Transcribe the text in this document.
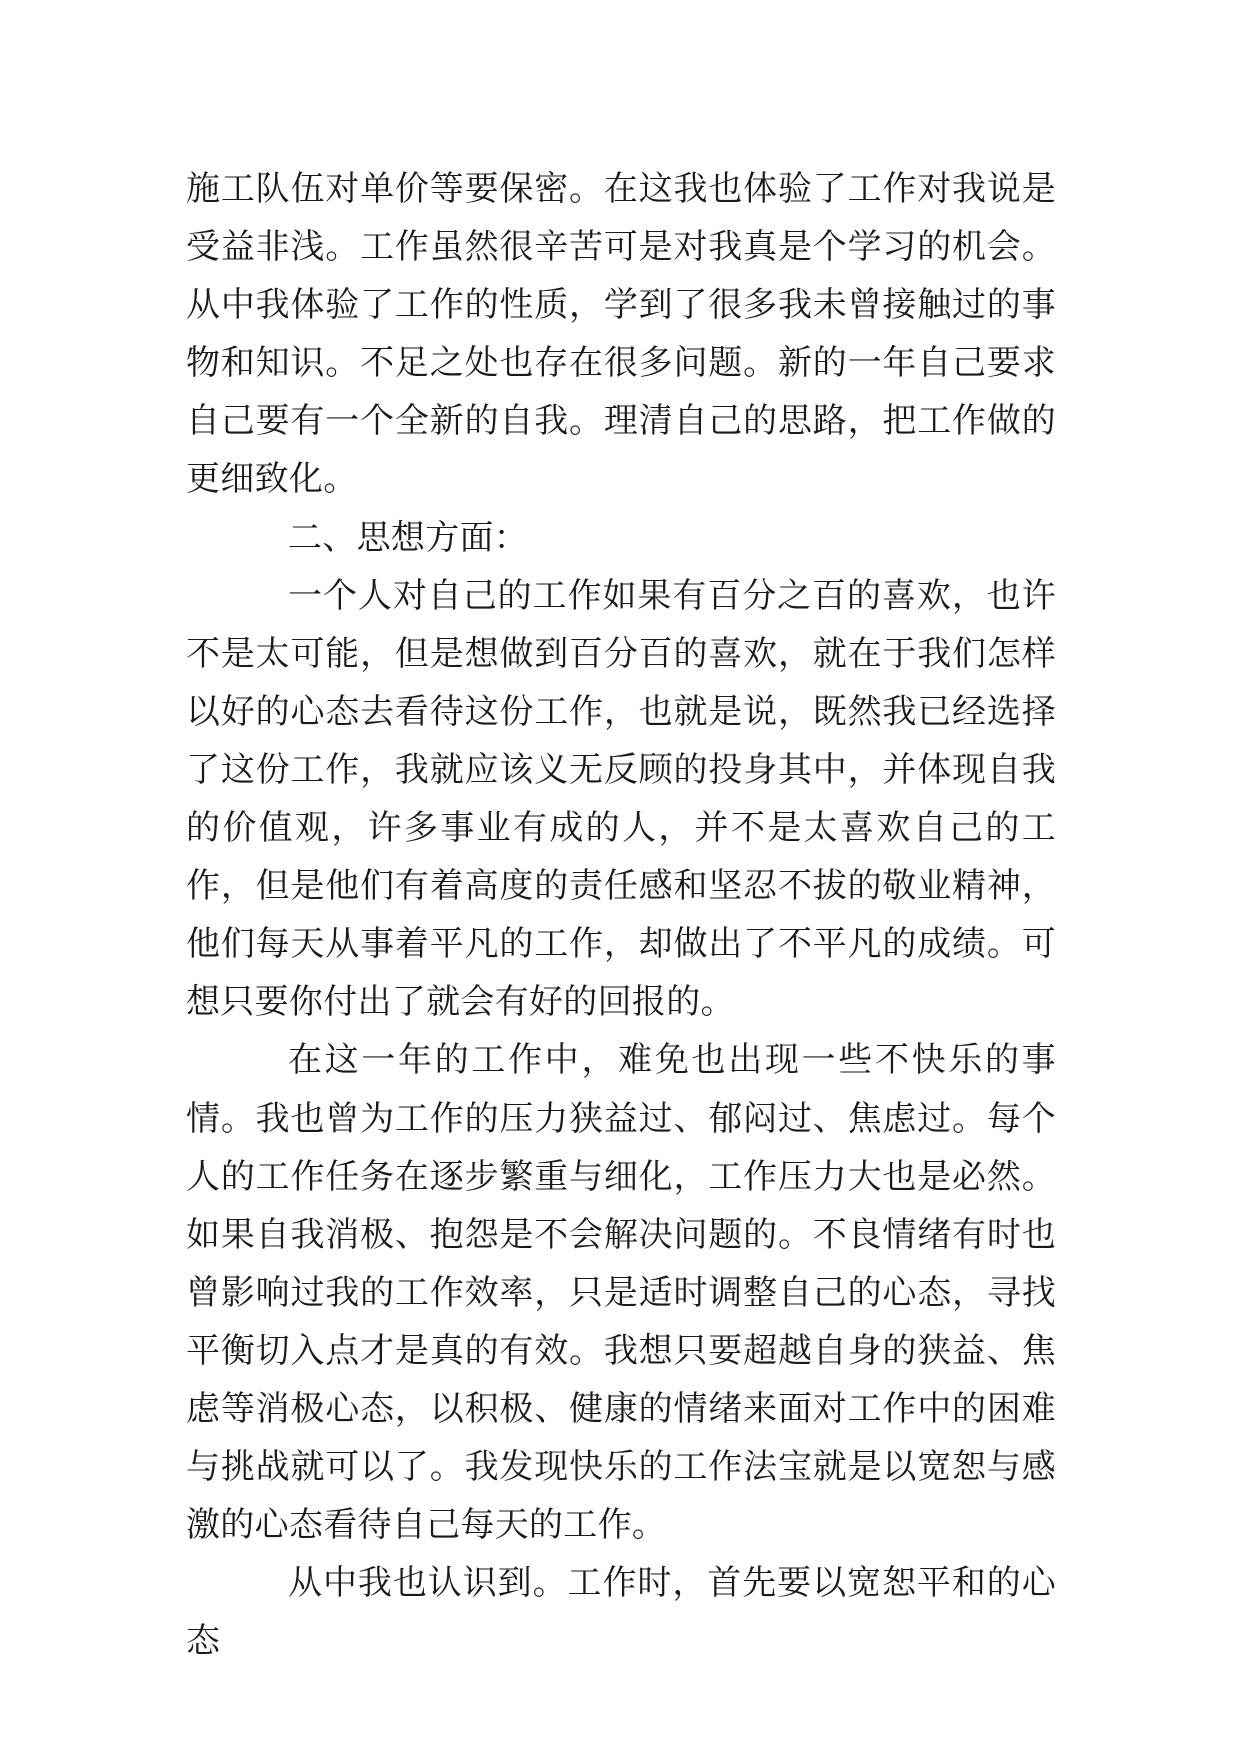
施工队伍对单价等要保密。在这我也体验了工作对我说是受益非浅。工作虽然很辛苦可是对我真是个学习的机会。从中我体验了工作的性质，学到了很多我未曾接触过的事物和知识。不足之处也存在很多问题。新的一年自己要求自己要有一个全新的自我。理清自己的思路，把工作做的更细致化。

二、思想方面：

一个人对自己的工作如果有百分之百的喜欢，也许不是太可能，但是想做到百分百的喜欢，就在于我们怎样以好的心态去看待这份工作，也就是说，既然我已经选择了这份工作，我就应该义无反顾的投身其中，并体现自我的价值观，许多事业有成的人，并不是太喜欢自己的工作，但是他们有着高度的责任感和坚忍不拔的敬业精神，他们每天从事着平凡的工作，却做出了不平凡的成绩。可想只要你付出了就会有好的回报的。

在这一年的工作中，难免也出现一些不快乐的事情。我也曾为工作的压力狭益过、郁闷过、焦虑过。每个人的工作任务在逐步繁重与细化，工作压力大也是必然。如果自我消极、抱怨是不会解决问题的。不良情绪有时也曾影响过我的工作效率，只是适时调整自己的心态，寻找平衡切入点才是真的有效。我想只要超越自身的狭益、焦虑等消极心态，以积极、健康的情绪来面对工作中的困难与挑战就可以了。我发现快乐的工作法宝就是以宽恕与感激的心态看待自己每天的工作。

从中我也认识到。工作时，首先要以宽恕平和的心态
